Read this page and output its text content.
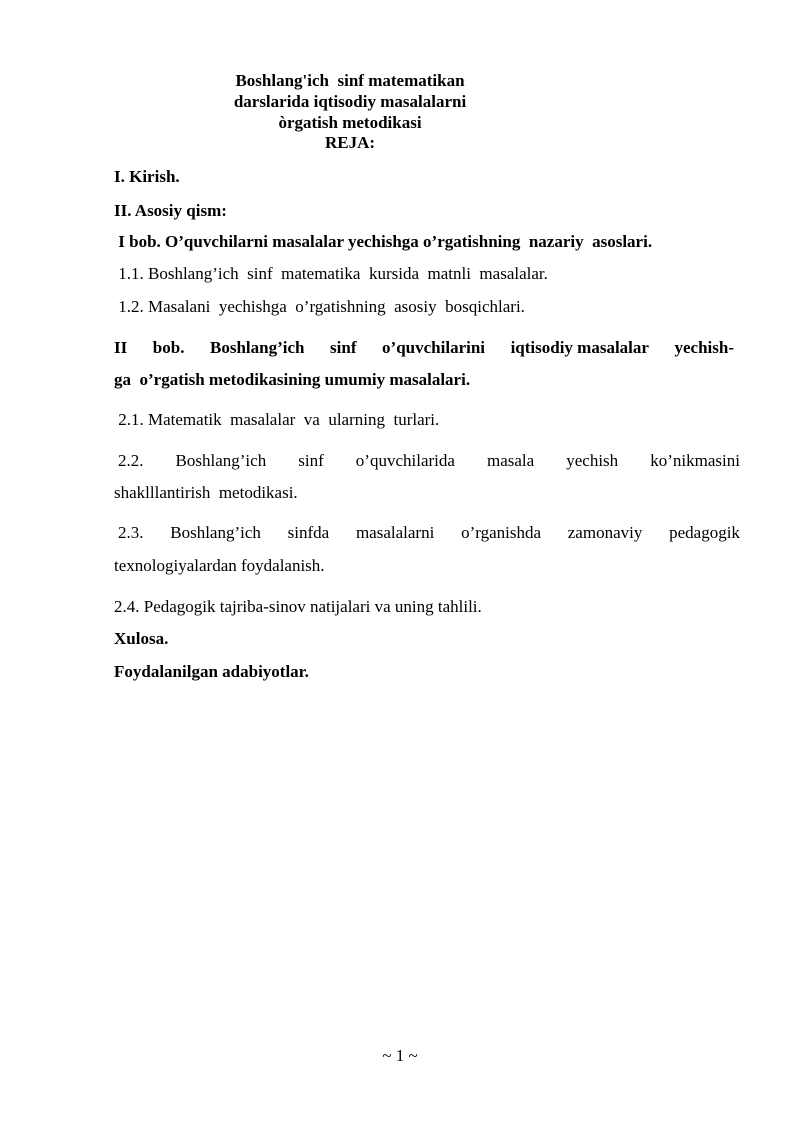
Boshlang'ich  sinf matematikan
darslarida iqtisodiy masalalarni
òrgatish metodikasi
REJA:
I. Kirish.
II. Asosiy qism:
I bob. O’quvchilarni masalalar yechishga o’rgatishning  nazariy  asoslari.
1.1. Boshlang’ich  sinf  matematika  kursida  matnli  masalalar.
1.2. Masalani  yechishga  o’rgatishning  asosiy  bosqichlari.
II bob. Boshlang’ich sinf o’quvchilarini iqtisodiy masalalar yechish-
ga  o’rgatish metodikasining umumiy masalalari.
2.1. Matematik  masalalar  va  ularning  turlari.
2.2. Boshlang’ich sinf o’quvchilarida masala yechish ko’nikmasini
shaklllantirish  metodikasi.
2.3. Boshlang’ich sinfda masalalarni o’rganishda zamonaviy pedagogik
texnologiyalardan foydalanish.
2.4. Pedagogik tajriba-sinov natijalari va uning tahlili.
Xulosa.
Foydalanilgan adabiyotlar.
~ 1 ~
